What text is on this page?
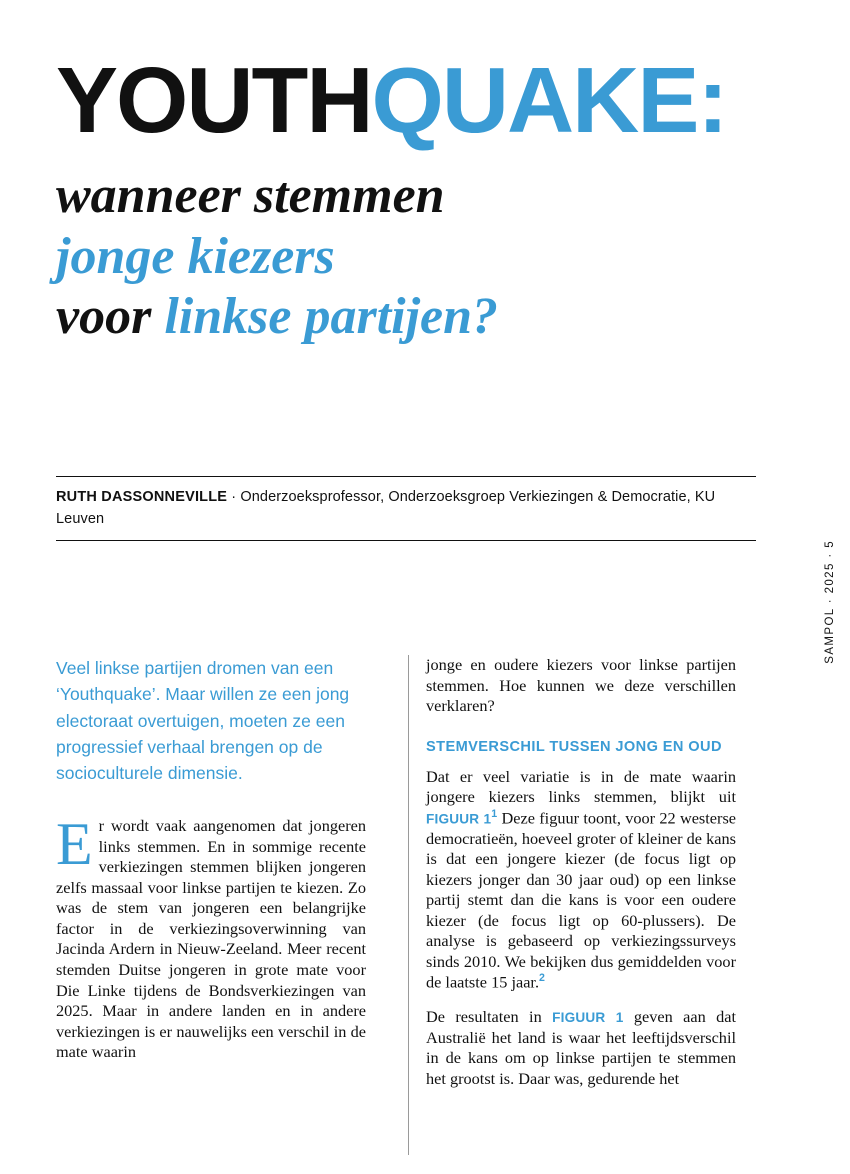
YOUTHQUAKE:

wanneer stemmen

jonge kiezers

voor linkse partijen?

RUTH DASSONNEVILLE · Onderzoeksprofessor, Onderzoeksgroep Verkiezingen & Democratie, KU Leuven
SAMPOL · 2025 · 5

Veel linkse partijen dromen van een ‘Youthquake’. Maar willen ze een jong electoraat overtuigen, moeten ze een progressief verhaal brengen op de socioculturele dimensie.

Er wordt vaak aangenomen dat jongeren links stemmen. En in sommige recente verkiezingen stemmen blijken jongeren zelfs massaal voor linkse partijen te kiezen. Zo was de stem van jongeren een belangrijke factor in de verkiezingsoverwinning van Jacinda Ardern in Nieuw-Zeeland. Meer recent stemden Duitse jongeren in grote mate voor Die Linke tijdens de Bondsverkiezingen van 2025. Maar in andere landen en in andere verkiezingen is er nauwelijks een verschil in de mate waarin

jonge en oudere kiezers voor linkse partijen stemmen. Hoe kunnen we deze verschillen verklaren?

STEMVERSCHIL TUSSEN JONG EN OUD

Dat er veel variatie is in de mate waarin jongere kiezers links stemmen, blijkt uit FIGUUR 1$^1$ Deze figuur toont, voor 22 westerse democratieën, hoeveel groter of kleiner de kans is dat een jongere kiezer (de focus ligt op kiezers jonger dan 30 jaar oud) op een linkse partij stemt dan die kans is voor een oudere kiezer (de focus ligt op 60-plussers). De analyse is gebaseerd op verkiezingssurveys sinds 2010. We bekijken dus gemiddelden voor de laatste 15 jaar.$^2$

De resultaten in FIGUUR 1 geven aan dat Australië het land is waar het leeftijdsverschil in de kans om op linkse partijen te stemmen het grootst is. Daar was, gedurende het
